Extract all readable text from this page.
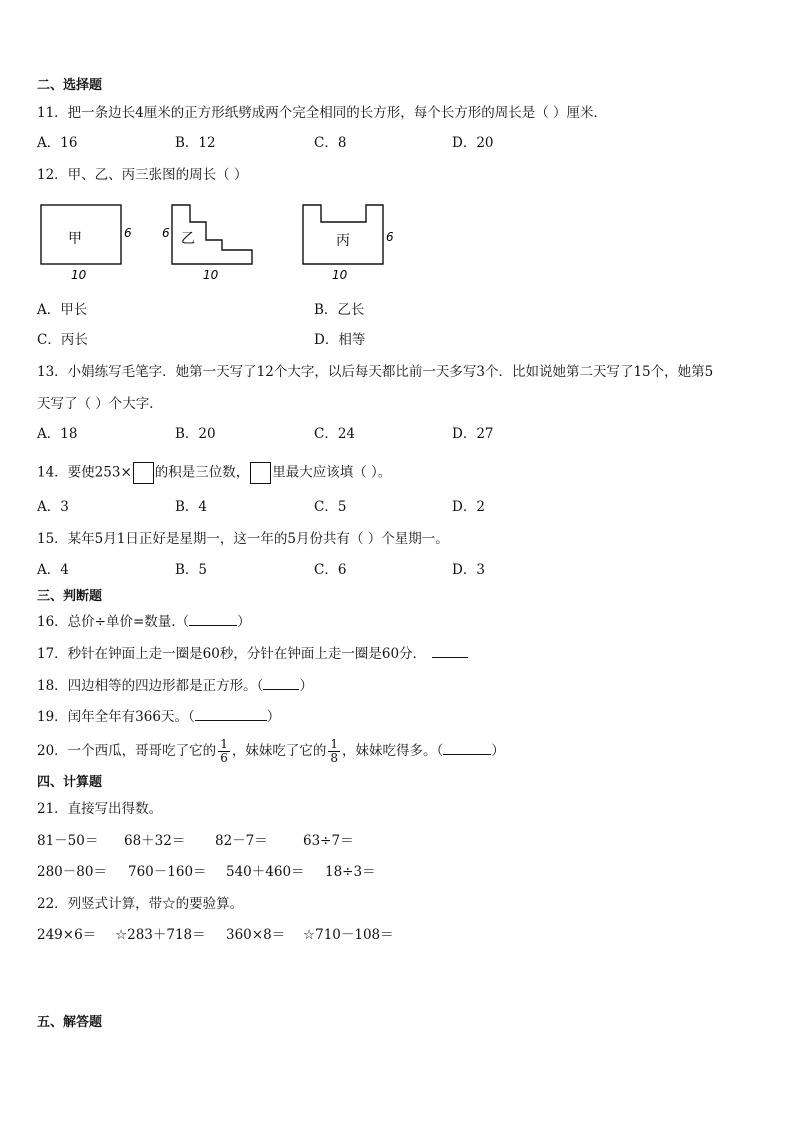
二、选择题
11．把一条边长4厘米的正方形纸劈成两个完全相同的长方形，每个长方形的周长是（ ）厘米．
A．16	B．12	C．8	D．20
12．甲、乙、丙三张图的周长（ ）
甲	6
10
乙
6
10
丙	6
10
A．甲长	B．乙长
C．丙长	D．相等
13．小娟练写毛笔字．她第一天写了12个大字，以后每天都比前一天多写3个．比如说她第二天写了15个，她第5
天写了（ ）个大字．
A．18	B．20	C．24	D．27
14．要使253× 的积是三位数， 里最大应该填（ ）。
A．3	B．4	C．5	D．2
15．某年5月1日正好是星期一，这一年的5月份共有（ ）个星期一。
A．4	B．5	C．6	D．3
三、判断题
16．总价÷单价=数量.（	）
17．秒针在钟面上走一圈是60秒，分针在钟面上走一圈是60分．
18．四边相等的四边形都是正方形。（	）
19．闰年全年有366天。（	）
20．一个西瓜，哥哥吃了它的 $\frac{1}{6}$ ，妹妹吃了它的 $\frac{1}{8}$ ，妹妹吃得多。（	）
四、计算题
21．直接写出得数。
81－50＝ 68＋32＝ 82－7＝	63÷7＝
280－80＝ 760－160＝ 540＋460＝ 18÷3＝
22．列竖式计算，带☆的要验算。
249×6＝ ☆283＋718＝ 360×8＝ ☆710－108＝
五、解答题
